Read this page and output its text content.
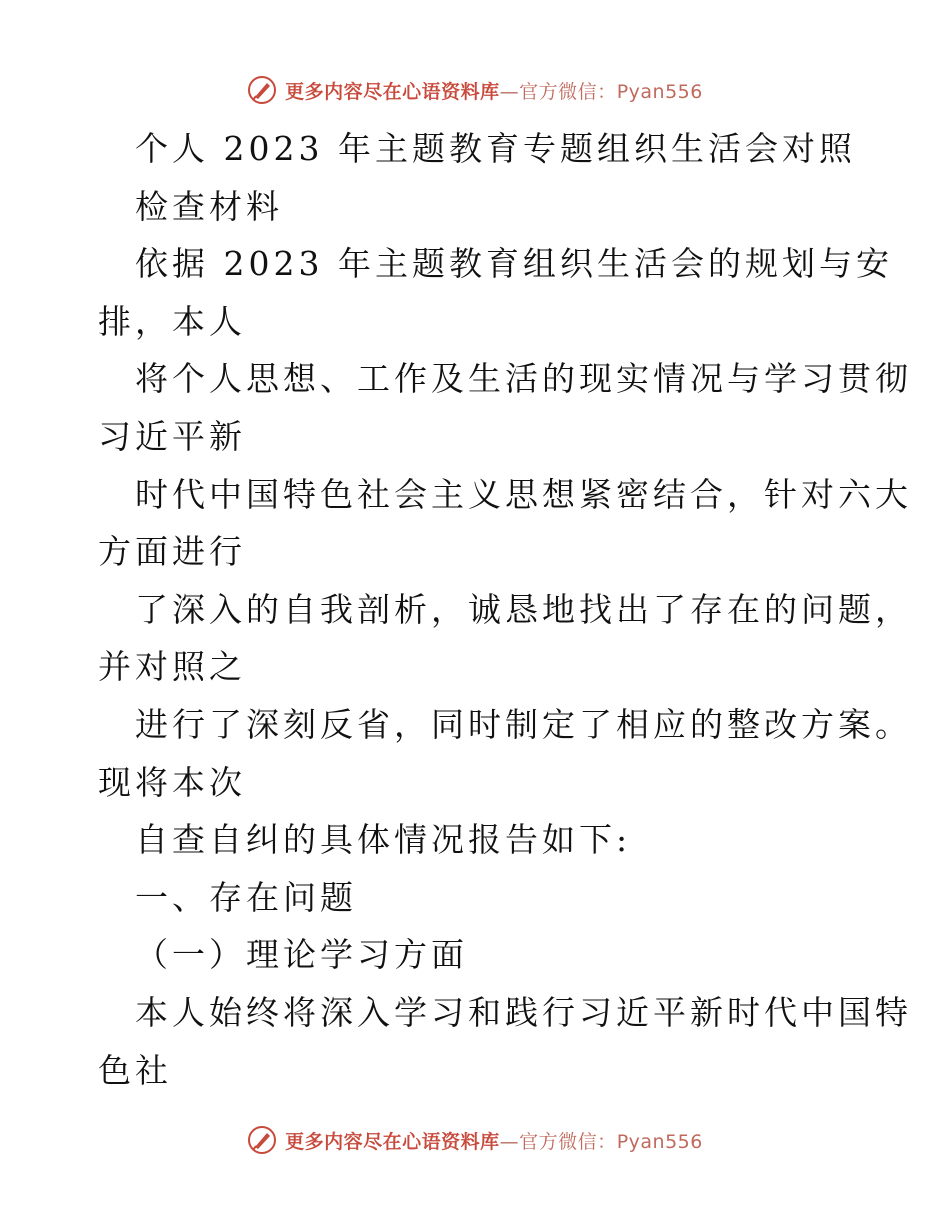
更多内容尽在心语资料库—官方微信：Pyan556
个人 2023 年主题教育专题组织生活会对照
检查材料
依据 2023 年主题教育组织生活会的规划与安
排，本人
将个人思想、工作及生活的现实情况与学习贯彻
习近平新
时代中国特色社会主义思想紧密结合，针对六大
方面进行
了深入的自我剖析，诚恳地找出了存在的问题，
并对照之
进行了深刻反省，同时制定了相应的整改方案。
现将本次
自查自纠的具体情况报告如下:
一、存在问题
（一）理论学习方面
本人始终将深入学习和践行习近平新时代中国特
色社
更多内容尽在心语资料库—官方微信：Pyan556
